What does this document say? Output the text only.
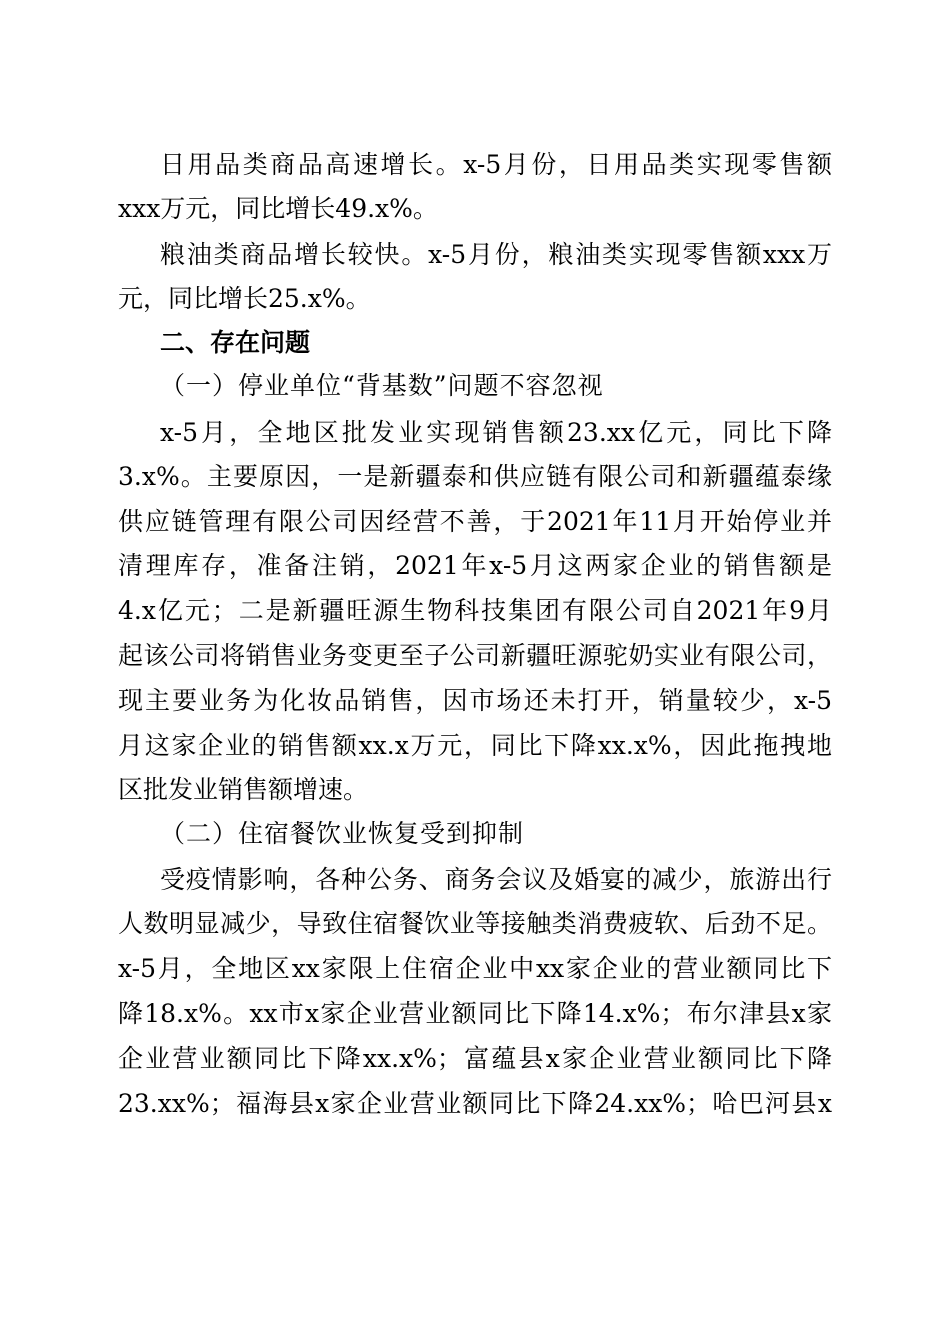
日用品类商品高速增长。x-5月份，日用品类实现零售额
xxx万元，同比增长49.x%。
粮油类商品增长较快。x-5月份，粮油类实现零售额xxx万
元，同比增长25.x%。
二、存在问题
（一）停业单位“背基数”问题不容忽视
x-5月，全地区批发业实现销售额23.xx亿元，同比下降
3.x%。主要原因，一是新疆泰和供应链有限公司和新疆蕴泰缘
供应链管理有限公司因经营不善，于2021年11月开始停业并
清理库存，准备注销，2021年x-5月这两家企业的销售额是
4.x亿元；二是新疆旺源生物科技集团有限公司自2021年9月
起该公司将销售业务变更至子公司新疆旺源驼奶实业有限公司，
现主要业务为化妆品销售，因市场还未打开，销量较少，x-5
月这家企业的销售额xx.x万元，同比下降xx.x%，因此拖拽地
区批发业销售额增速。
（二）住宿餐饮业恢复受到抑制
受疫情影响，各种公务、商务会议及婚宴的减少，旅游出行
人数明显减少，导致住宿餐饮业等接触类消费疲软、后劲不足。
x-5月，全地区xx家限上住宿企业中xx家企业的营业额同比下
降18.x%。xx市x家企业营业额同比下降14.x%；布尔津县x家
企业营业额同比下降xx.x%；富蕴县x家企业营业额同比下降
23.xx%；福海县x家企业营业额同比下降24.xx%；哈巴河县x
